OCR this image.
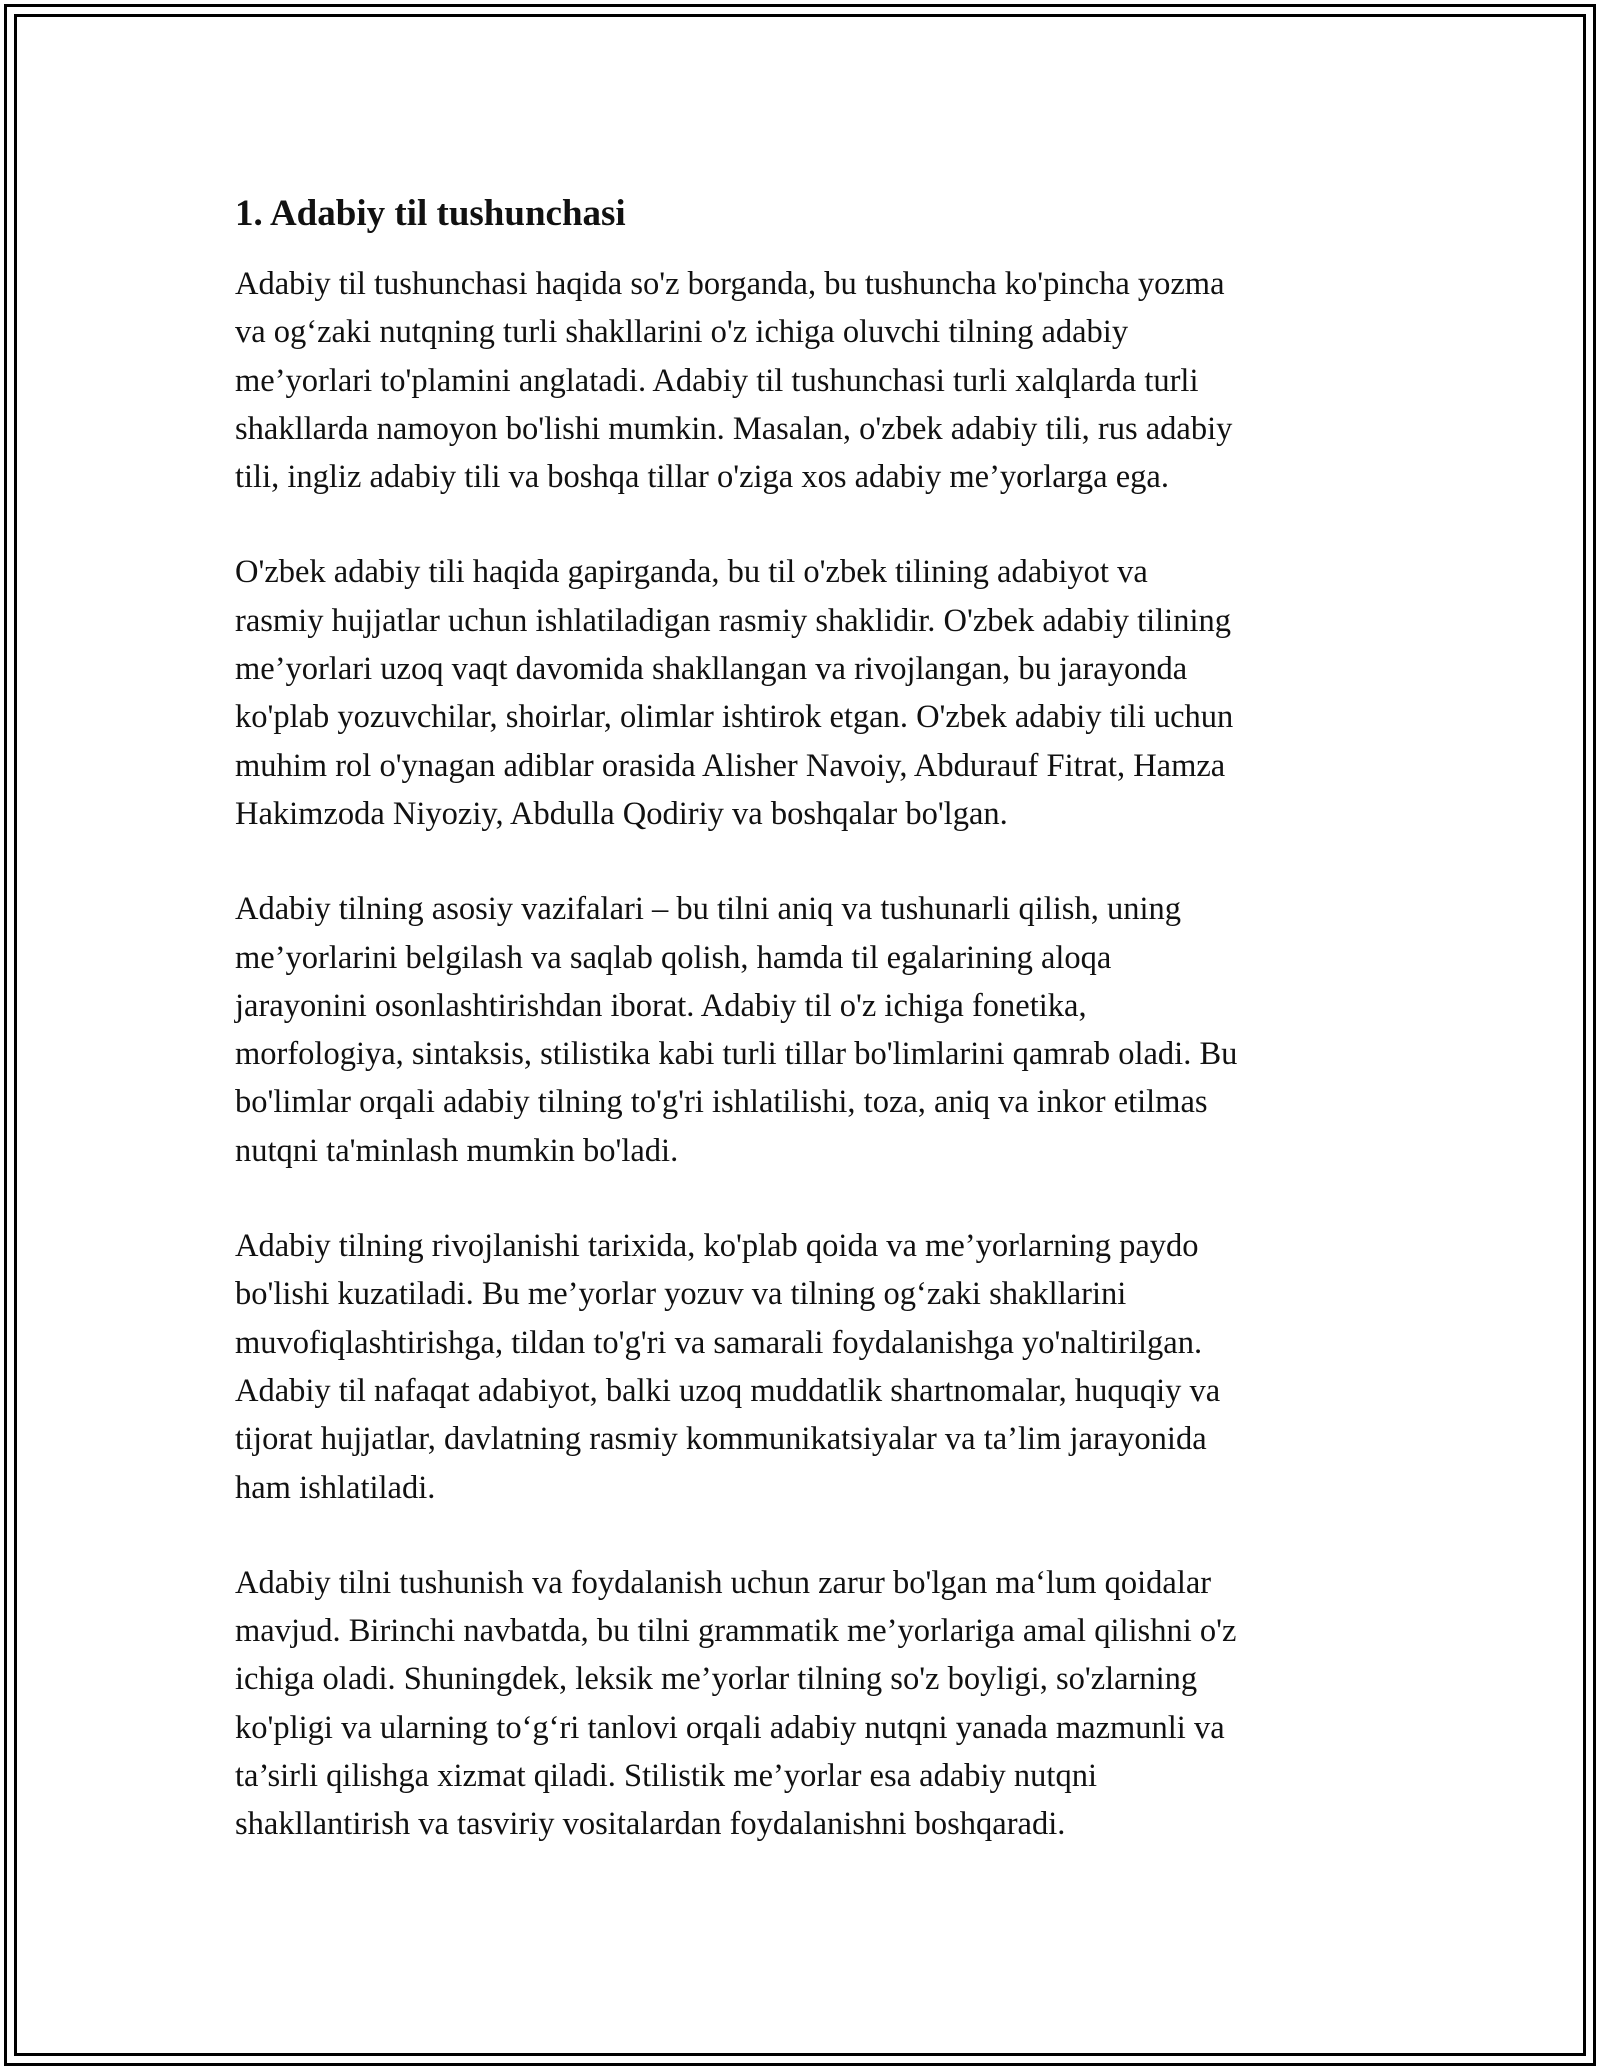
1. Adabiy til tushunchasi

Adabiy til tushunchasi haqida so'z borganda, bu tushuncha ko'pincha yozma
va og‘zaki nutqning turli shakllarini o'z ichiga oluvchi tilning adabiy
me’yorlari to'plamini anglatadi. Adabiy til tushunchasi turli xalqlarda turli
shakllarda namoyon bo'lishi mumkin. Masalan, o'zbek adabiy tili, rus adabiy
tili, ingliz adabiy tili va boshqa tillar o'ziga xos adabiy me’yorlarga ega.

O'zbek adabiy tili haqida gapirganda, bu til o'zbek tilining adabiyot va
rasmiy hujjatlar uchun ishlatiladigan rasmiy shaklidir. O'zbek adabiy tilining
me’yorlari uzoq vaqt davomida shakllangan va rivojlangan, bu jarayonda
ko'plab yozuvchilar, shoirlar, olimlar ishtirok etgan. O'zbek adabiy tili uchun
muhim rol o'ynagan adiblar orasida Alisher Navoiy, Abdurauf Fitrat, Hamza
Hakimzoda Niyoziy, Abdulla Qodiriy va boshqalar bo'lgan.

Adabiy tilning asosiy vazifalari – bu tilni aniq va tushunarli qilish, uning
me’yorlarini belgilash va saqlab qolish, hamda til egalarining aloqa
jarayonini osonlashtirishdan iborat. Adabiy til o'z ichiga fonetika,
morfologiya, sintaksis, stilistika kabi turli tillar bo'limlarini qamrab oladi. Bu
bo'limlar orqali adabiy tilning to'g'ri ishlatilishi, toza, aniq va inkor etilmas
nutqni ta'minlash mumkin bo'ladi.

Adabiy tilning rivojlanishi tarixida, ko'plab qoida va me’yorlarning paydo
bo'lishi kuzatiladi. Bu me’yorlar yozuv va tilning og‘zaki shakllarini
muvofiqlashtirishga, tildan to'g'ri va samarali foydalanishga yo'naltirilgan.
Adabiy til nafaqat adabiyot, balki uzoq muddatlik shartnomalar, huquqiy va
tijorat hujjatlar, davlatning rasmiy kommunikatsiyalar va ta’lim jarayonida
ham ishlatiladi.

Adabiy tilni tushunish va foydalanish uchun zarur bo'lgan ma‘lum qoidalar
mavjud. Birinchi navbatda, bu tilni grammatik me’yorlariga amal qilishni o'z
ichiga oladi. Shuningdek, leksik me’yorlar tilning so'z boyligi, so'zlarning
ko'pligi va ularning to‘g‘ri tanlovi orqali adabiy nutqni yanada mazmunli va
ta’sirli qilishga xizmat qiladi. Stilistik me’yorlar esa adabiy nutqni
shakllantirish va tasviriy vositalardan foydalanishni boshqaradi.
